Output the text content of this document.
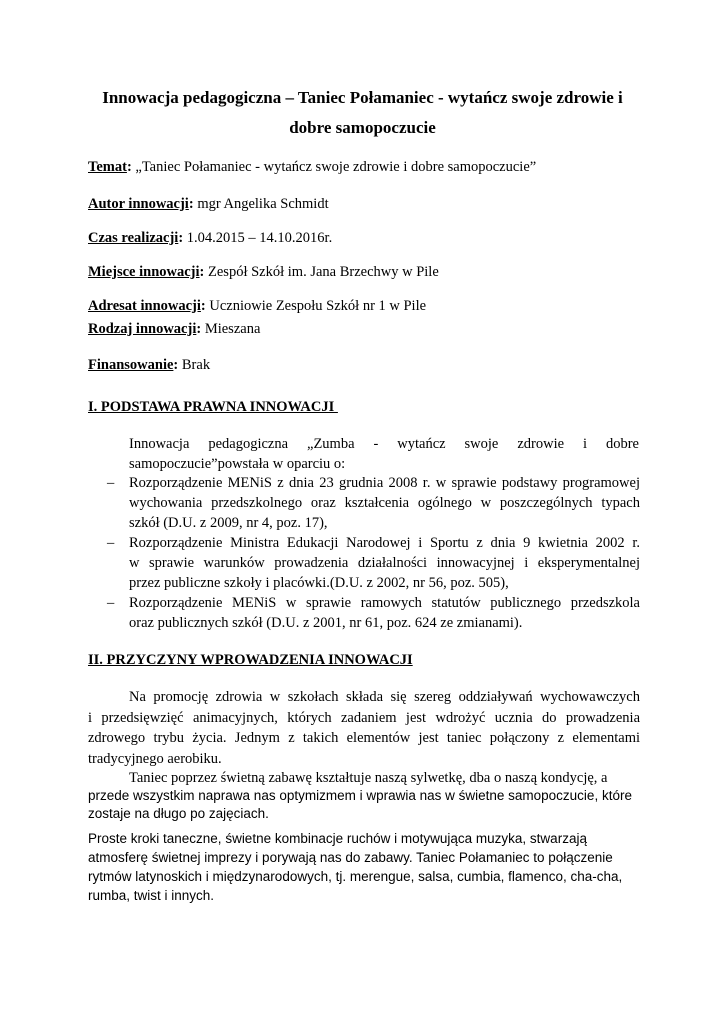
Innowacja pedagogiczna – Taniec Połamaniec - wytańcz swoje zdrowie i
dobre samopoczucie
Temat: „Taniec Połamaniec - wytańcz swoje zdrowie i dobre samopoczucie”
Autor innowacji: mgr Angelika Schmidt
Czas realizacji: 1.04.2015 – 14.10.2016r.
Miejsce innowacji: Zespół Szkół im. Jana Brzechwy w Pile
Adresat innowacji: Uczniowie Zespołu Szkół nr 1 w Pile
Rodzaj innowacji: Mieszana
Finansowanie: Brak
I. PODSTAWA PRAWNA INNOWACJI
Innowacja pedagogiczna „Zumba - wytańcz swoje zdrowie i dobre
samopoczucie”powstała w oparciu o:
– Rozporządzenie MENiS z dnia 23 grudnia 2008 r. w sprawie podstawy programowej
wychowania przedszkolnego oraz kształcenia ogólnego w poszczególnych typach
szkół (D.U. z 2009, nr 4, poz. 17),
– Rozporządzenie Ministra Edukacji Narodowej i Sportu z dnia 9 kwietnia 2002 r.
w sprawie warunków prowadzenia działalności innowacyjnej i eksperymentalnej
przez publiczne szkoły i placówki.(D.U. z 2002, nr 56, poz. 505),
– Rozporządzenie MENiS w sprawie ramowych statutów publicznego przedszkola
oraz publicznych szkół (D.U. z 2001, nr 61, poz. 624 ze zmianami).
II. PRZYCZYNY WPROWADZENIA INNOWACJI
Na promocję zdrowia w szkołach składa się szereg oddziaływań wychowawczych
i przedsięwzięć animacyjnych, których zadaniem jest wdrożyć ucznia do prowadzenia
zdrowego trybu życia. Jednym z takich elementów jest taniec połączony z elementami
tradycyjnego aerobiku.
Taniec poprzez świetną zabawę kształtuje naszą sylwetkę, dba o naszą kondycję, a
przede wszystkim naprawa nas optymizmem i wprawia nas w świetne samopoczucie, które
zostaje na długo po zajęciach.
Proste kroki taneczne, świetne kombinacje ruchów i motywująca muzyka, stwarzają
atmosferę świetnej imprezy i porywają nas do zabawy. Taniec Połamaniec to połączenie
rytmów latynoskich i międzynarodowych, tj. merengue, salsa, cumbia, flamenco, cha-cha,
rumba, twist i innych.
